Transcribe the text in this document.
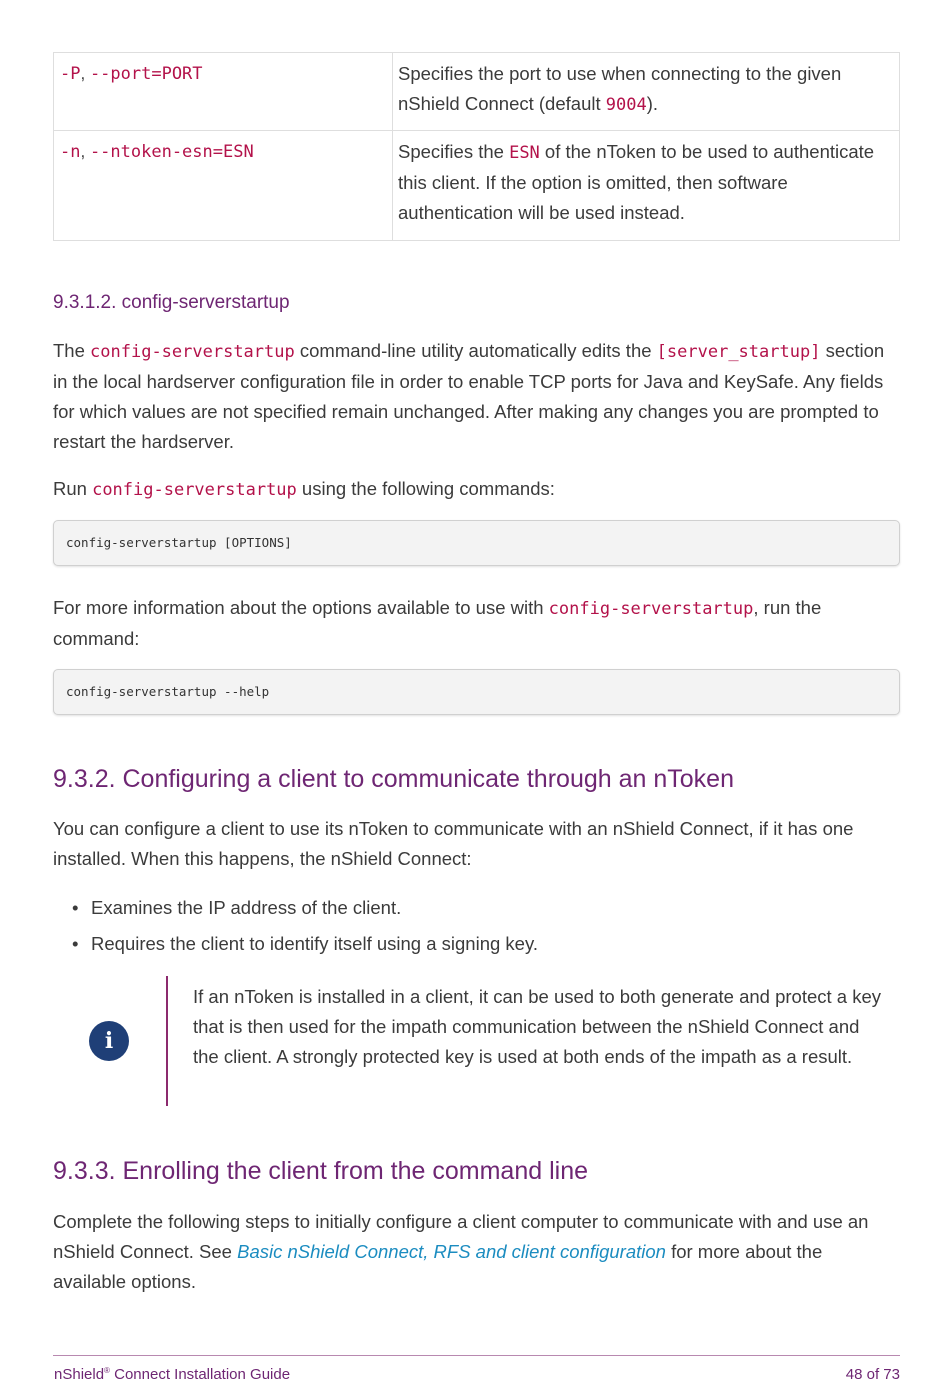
-P, --port=PORT	Specifies the port to use when connecting to the given nShield Connect (default 9004).
-n, --ntoken-esn=ESN	Specifies the ESN of the nToken to be used to authenticate this client. If the option is omitted, then software authentication will be used instead.
9.3.1.2. config-serverstartup

The config-serverstartup command-line utility automatically edits the [server_startup] section in the local hardserver configuration file in order to enable TCP ports for Java and KeySafe. Any fields for which values are not specified remain unchanged. After making any changes you are prompted to restart the hardserver.

Run config-serverstartup using the following commands:

config-serverstartup [OPTIONS]

For more information about the options available to use with config-serverstartup, run the command:

config-serverstartup --help
9.3.2. Configuring a client to communicate through an nToken

You can configure a client to use its nToken to communicate with an nShield Connect, if it has one installed. When this happens, the nShield Connect:

• Examines the IP address of the client.
• Requires the client to identify itself using a signing key.
i

If an nToken is installed in a client, it can be used to both generate and protect a key that is then used for the impath communication between the nShield Connect and the client. A strongly protected key is used at both ends of the impath as a result.

9.3.3. Enrolling the client from the command line

Complete the following steps to initially configure a client computer to communicate with and use an nShield Connect. See Basic nShield Connect, RFS and client configuration for more about the available options.

nShield® Connect Installation Guide	48 of 73
